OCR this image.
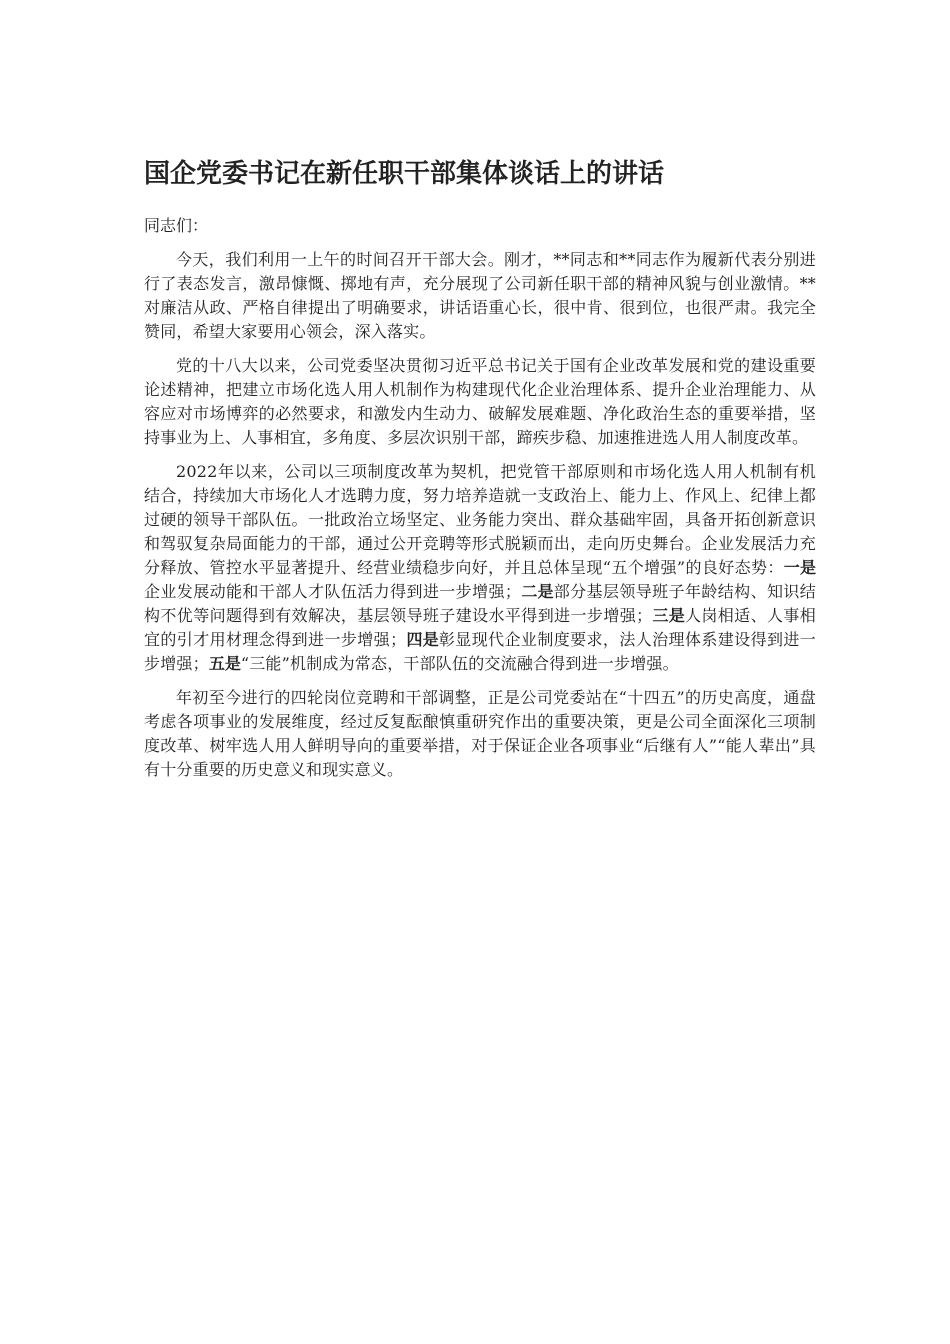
国企党委书记在新任职干部集体谈话上的讲话

同志们：

今天，我们利用一上午的时间召开干部大会。刚才，**同志和**同志作为履新代表分别进行了表态发言，激昂慷慨、掷地有声，充分展现了公司新任职干部的精神风貌与创业激情。**对廉洁从政、严格自律提出了明确要求，讲话语重心长，很中肯、很到位，也很严肃。我完全赞同，希望大家要用心领会，深入落实。

党的十八大以来，公司党委坚决贯彻习近平总书记关于国有企业改革发展和党的建设重要论述精神，把建立市场化选人用人机制作为构建现代化企业治理体系、提升企业治理能力、从容应对市场博弈的必然要求，和激发内生动力、破解发展难题、净化政治生态的重要举措，坚持事业为上、人事相宜，多角度、多层次识别干部，蹄疾步稳、加速推进选人用人制度改革。

2022年以来，公司以三项制度改革为契机，把党管干部原则和市场化选人用人机制有机结合，持续加大市场化人才选聘力度，努力培养造就一支政治上、能力上、作风上、纪律上都过硬的领导干部队伍。一批政治立场坚定、业务能力突出、群众基础牢固，具备开拓创新意识和驾驭复杂局面能力的干部，通过公开竞聘等形式脱颖而出，走向历史舞台。企业发展活力充分释放、管控水平显著提升、经营业绩稳步向好，并且总体呈现“五个增强”的良好态势：一是企业发展动能和干部人才队伍活力得到进一步增强；二是部分基层领导班子年龄结构、知识结构不优等问题得到有效解决，基层领导班子建设水平得到进一步增强；三是人岗相适、人事相宜的引才用材理念得到进一步增强；四是彰显现代企业制度要求，法人治理体系建设得到进一步增强；五是“三能”机制成为常态，干部队伍的交流融合得到进一步增强。

年初至今进行的四轮岗位竞聘和干部调整，正是公司党委站在“十四五”的历史高度，通盘考虑各项事业的发展维度，经过反复酝酿慎重研究作出的重要决策，更是公司全面深化三项制度改革、树牢选人用人鲜明导向的重要举措，对于保证企业各项事业“后继有人”“能人辈出”具有十分重要的历史意义和现实意义。
